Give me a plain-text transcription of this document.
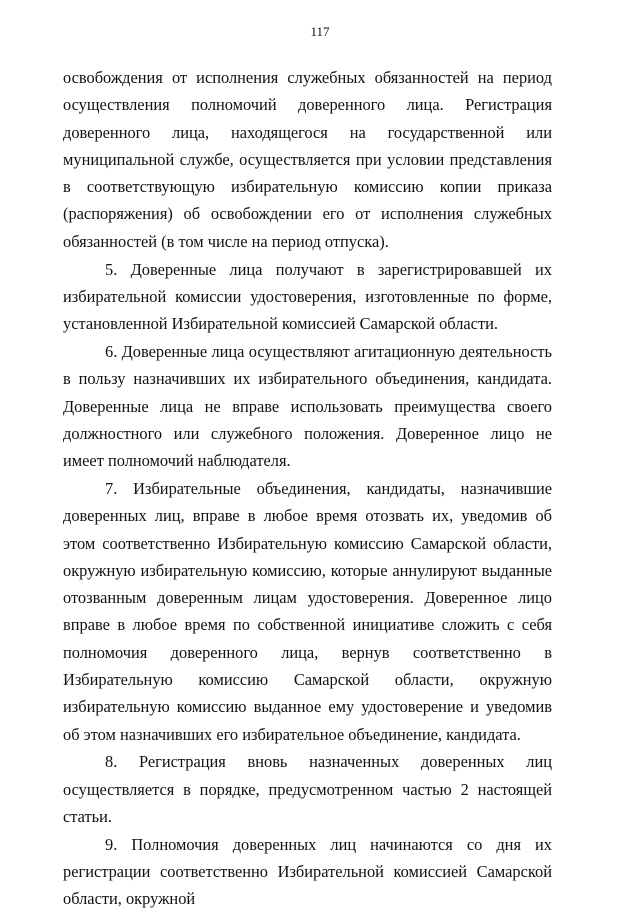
117

освобождения от исполнения служебных обязанностей на период осуществления полномочий доверенного лица. Регистрация доверенного лица, находящегося на государственной или муниципальной службе, осуществляется при условии представления в соответствующую избирательную комиссию копии приказа (распоряжения) об освобождении его от исполнения служебных обязанностей (в том числе на период отпуска).

5. Доверенные лица получают в зарегистрировавшей их избирательной комиссии удостоверения, изготовленные по форме, установленной Избирательной комиссией Самарской области.

6. Доверенные лица осуществляют агитационную деятельность в пользу назначивших их избирательного объединения, кандидата. Доверенные лица не вправе использовать преимущества своего должностного или служебного положения. Доверенное лицо не имеет полномочий наблюдателя.

7. Избирательные объединения, кандидаты, назначившие доверенных лиц, вправе в любое время отозвать их, уведомив об этом соответственно Избирательную комиссию Самарской области, окружную избирательную комиссию, которые аннулируют выданные отозванным доверенным лицам удостоверения. Доверенное лицо вправе в любое время по собственной инициативе сложить с себя полномочия доверенного лица, вернув соответственно в Избирательную комиссию Самарской области, окружную избирательную комиссию выданное ему удостоверение и уведомив об этом назначивших его избирательное объединение, кандидата.

8. Регистрация вновь назначенных доверенных лиц осуществляется в порядке, предусмотренном частью 2 настоящей статьи.

9. Полномочия доверенных лиц начинаются со дня их регистрации соответственно Избирательной комиссией Самарской области, окружной
